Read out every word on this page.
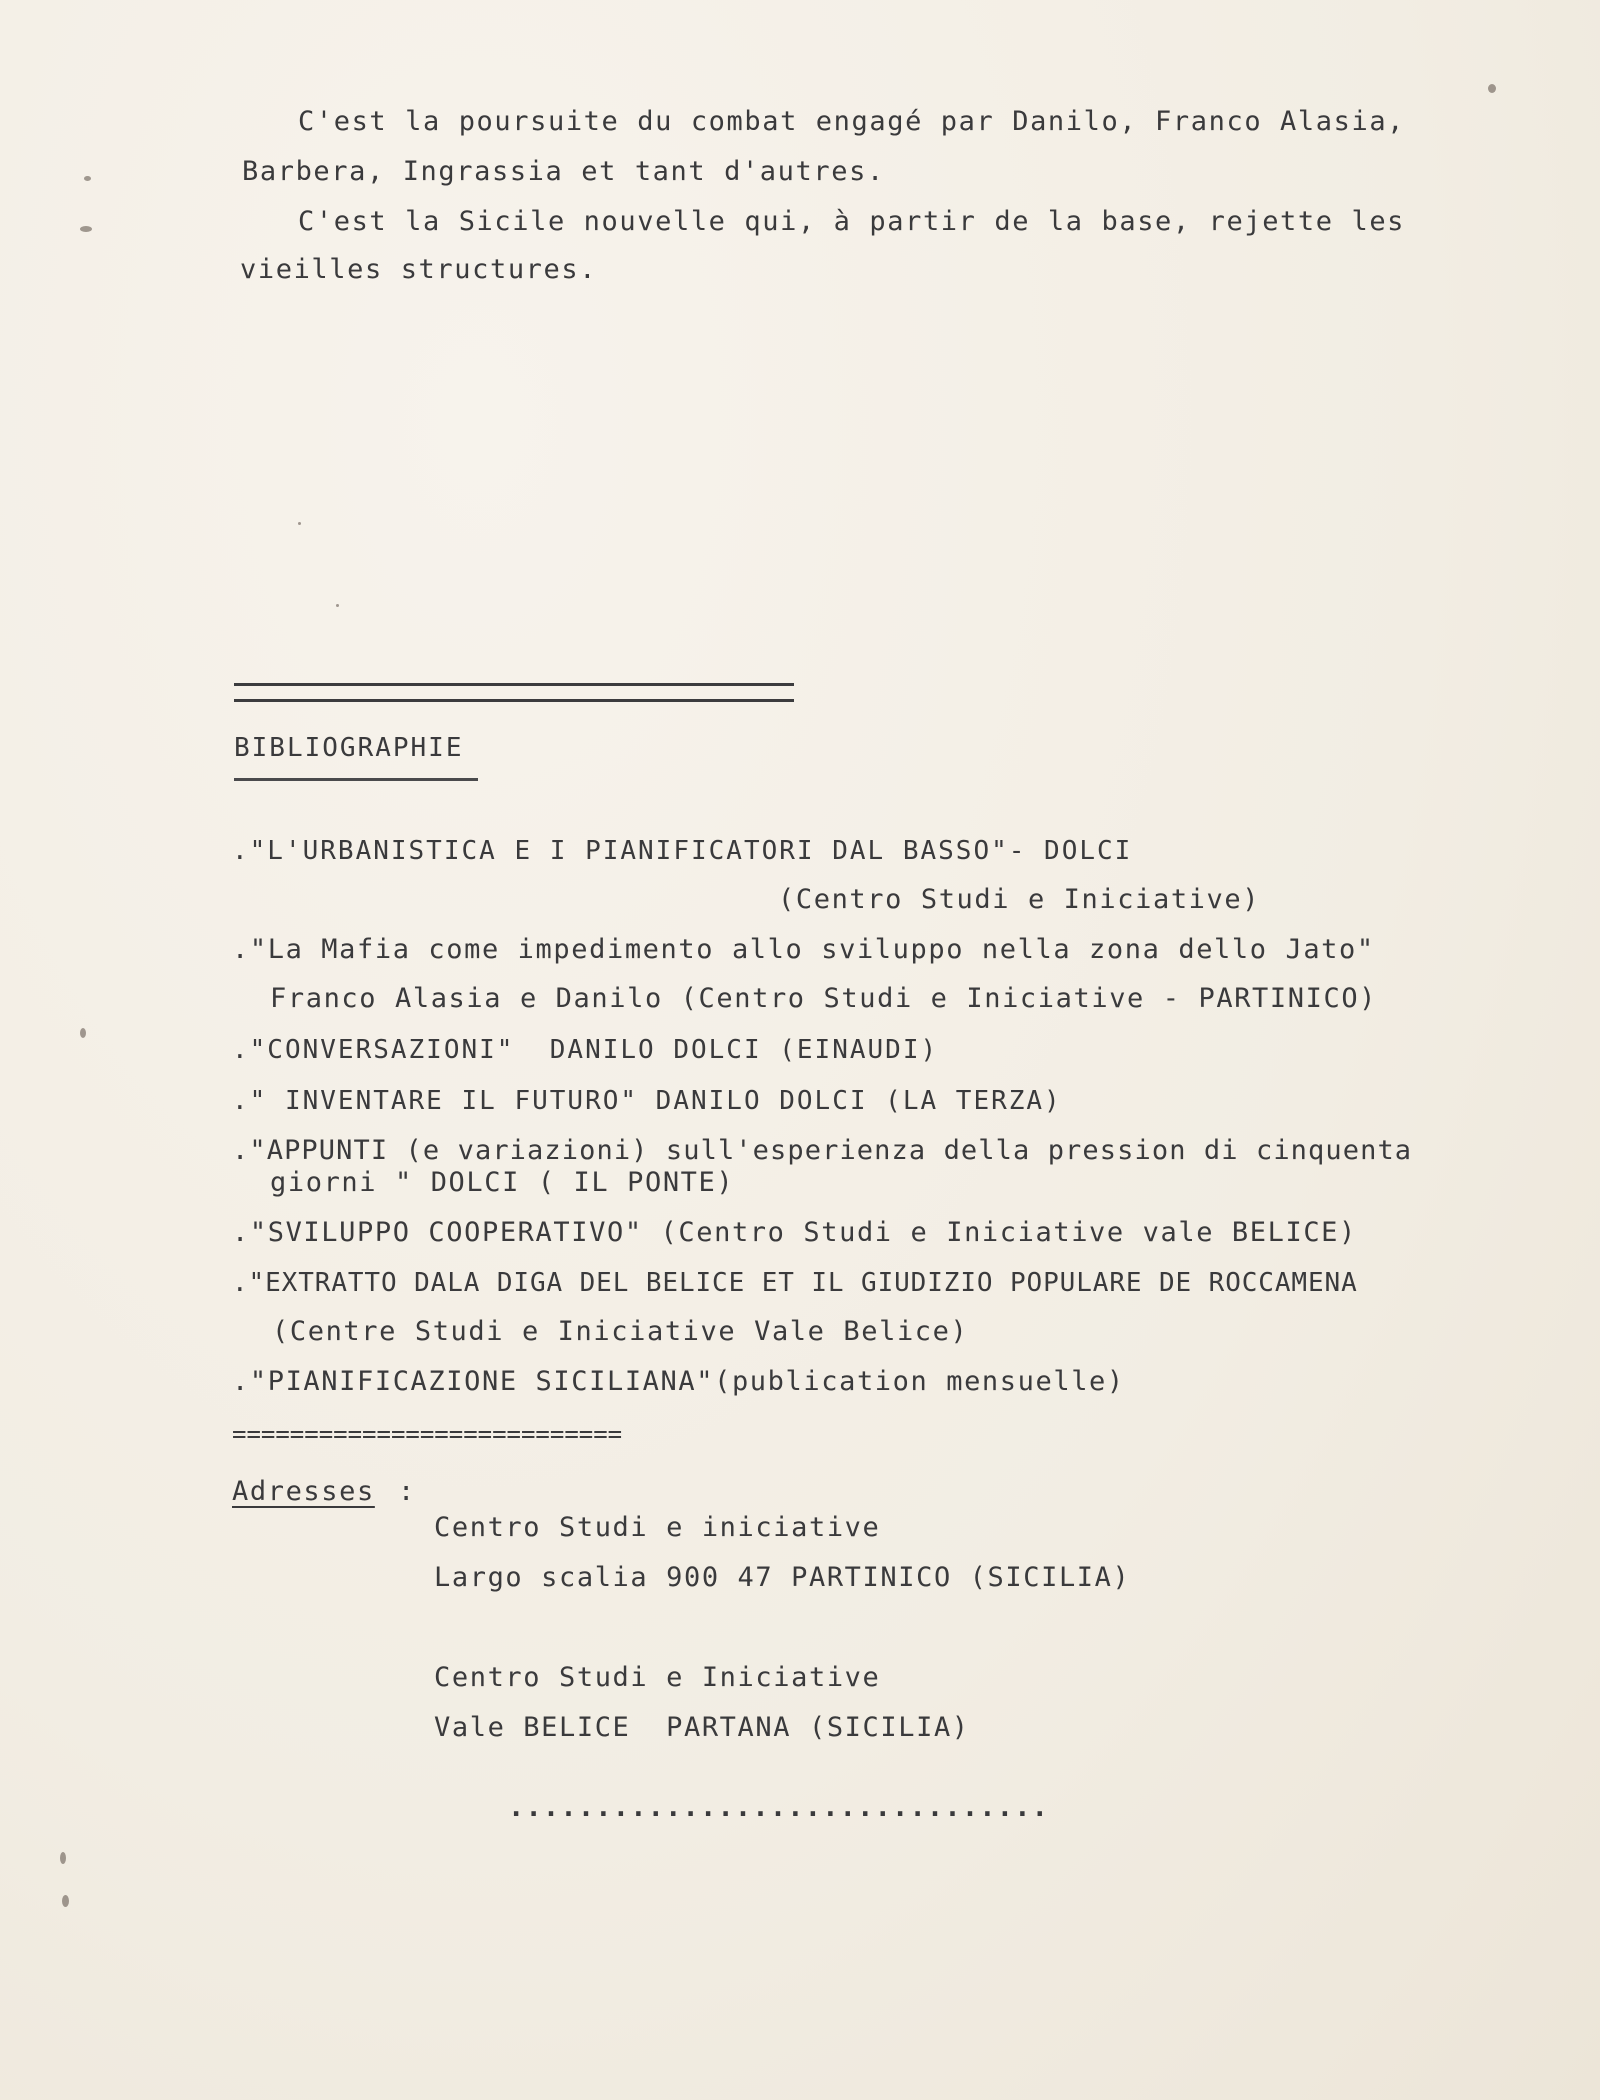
C'est la poursuite du combat engagé par Danilo, Franco Alasia,
Barbera, Ingrassia et tant d'autres.
C'est la Sicile nouvelle qui, à partir de la base, rejette les
vieilles structures.
BIBLIOGRAPHIE
."L'URBANISTICA E I PIANIFICATORI DAL BASSO"- DOLCI
(Centro Studi e Iniciative)
."La Mafia come impedimento allo sviluppo nella zona dello Jato"
Franco Alasia e Danilo (Centro Studi e Iniciative - PARTINICO)
."CONVERSAZIONI"  DANILO DOLCI (EINAUDI)
." INVENTARE IL FUTURO" DANILO DOLCI (LA TERZA)
."APPUNTI (e variazioni) sull'esperienza della pression di cinquenta
giorni " DOLCI ( IL PONTE)
."SVILUPPO COOPERATIVO" (Centro Studi e Iniciative vale BELICE)
."EXTRATTO DALA DIGA DEL BELICE ET IL GIUDIZIO POPULARE DE ROCCAMENA
(Centre Studi e Iniciative Vale Belice)
."PIANIFICAZIONE SICILIANA"(publication mensuelle)
===========================
Adresses :
Centro Studi e iniciative
Largo scalia 900 47 PARTINICO (SICILIA)
Centro Studi e Iniciative
Vale BELICE  PARTANA (SICILIA)
...............................
